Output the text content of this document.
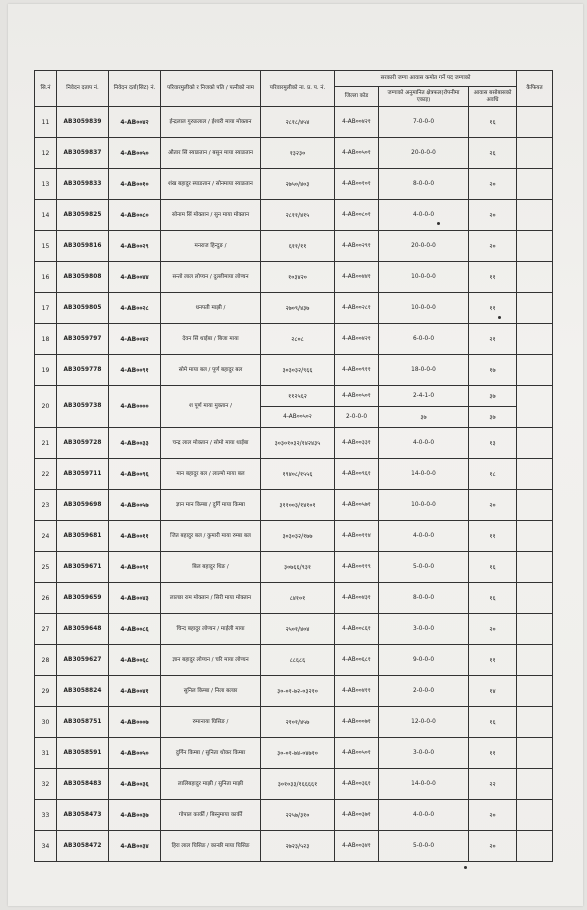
सि.नं	निवेदन दताप नं.	निवेदन दर्ता(सिट) नं.	परिवारमुलीको र निजको पति / पत्नीको नाम	परिवारमुलीको ना. प्र. प. नं.	सरकारी जग्गा आवास कमोत गर्ने पद जग्गाको			कैफियत
					जिल्ला कोड	जग्गाको अनुमानित क्षेत्रफल(रोपनीमा एकाइ)	आवास बसोबासको अवधि	
11	AB3059839	4-AB००४२	ईन्द्रलाल गुरुङलाल / ईश्वरी माया मोक्तान	२८१८/४५४	4-AB००४२१	7-0-0-0	१६	
12	AB3059837	4-AB००५०	औतार सिं स्याङतान / बसुन माया स्याङतान	१३२३०	4-AB००५०१	20-0-0-0	२६	
13	AB3059833	4-AB००१०	शंख बहादुर स्याङतान / सोनमाया स्याङतान	२७५०/४०३	4-AB००१०१	8-0-0-0	२०	
14	AB3059825	4-AB००८०	सोनाम सिं मोक्तान / सुन माया मोक्तान	२८११/४१५	4-AB००८०१	4-0-0-0	२०	
15	AB3059816	4-AB००२९	मनराज हिन्दुङ /	६११/११	4-AB००२९१	20-0-0-0	२०	
16	AB3059808	4-AB००४४	सन्तो लाल लोप्चन / दुल्लीमाया लोप्चन	१०३४२०	4-AB००४४१	10-0-0-0	११	
17	AB3059805	4-AB००२८	धनपती माझी /	२७०९/४३७	4-AB००२८१	10-0-0-0	११	
18	AB3059797	4-AB००४२	देवन सिं थाईबा / बिजा माया	२८०८	4-AB००४२१	6-0-0-0	२१	
19	AB3059778	4-AB००९१	सोमे माया बल / पूर्ण बहादुर बल	३०३०३२/९६६	4-AB००९११	18-0-0-0	१७	
20	AB3059738	4-AB००००	श पूर्ण माया मुक्तान /	११२५६२	4-AB००५०१	2-4-1-0	३७	
				4-AB००५०२	2-0-0-0	३७	३७	
21	AB3059728	4-AB००३३	चन्द्र लाल मोक्तान / सोमो माया थाईबा	३०३०१०३२/१४२४३५	4-AB००३३१	4-0-0-0	१३	
22	AB3059711	4-AB००९६	मान बहादुर बल / लाल्मो माया बल	१९४०८/१५५६	4-AB००९६१	14-0-0-0	१८	
23	AB3059698	4-AB००५७	ज्ञान मान किम्बा / दुर्गि माया किम्बा	३११००३/१४१०१	4-AB००५७१	10-0-0-0	२०	
24	AB3059681	4-AB००११	जित बहादुर बल / कुमारी माया रुम्बा बल	३०३०३२/१७७	4-AB००११४	4-0-0-0	११	
25	AB3059671	4-AB००९१	बिल बहादुर थिङ /	३०७६६/९३१	4-AB००११९	5-0-0-0	१६	
26	AB3059659	4-AB००४३	लाल्छा राम मोक्तान / सिरी माया मोक्तान	८४१०१	4-AB००४३१	8-0-0-0	१६	
27	AB3059648	4-AB००८६	चिन्द बहादुर लोप्चन / माईली माया	२५०१/४०४	4-AB००८६१	3-0-0-0	२०	
28	AB3059627	4-AB००६८	ज्ञान बहादुर लोप्चन / चरि माया लोप्चन	८८६८६	4-AB००६८१	9-0-0-0	११	
29	AB3058824	4-AB००४१	सुनिल किम्बा / निला बल्छा	३०-०१-७२-०३२१०	4-AB००४११	2-0-0-0	१४	
30	AB3058751	4-AB०००७	रुमानाया घिसिङ /	२१०१/४५७	4-AB०००७१	12-0-0-0	१६	
31	AB3058591	4-AB००५०	दुर्गिन किम्बा / सुनिता थोकर किम्बा	३०-०१-७४-०४७१०	4-AB००५०१	3-0-0-0	११	
32	AB3058483	4-AB००३६	लालिबहादुर माझी / सुनिता माझी	३०१०३३/१६६६६१	4-AB००३६१	14-0-0-0	२२	
33	AB3058473	4-AB००३७	गोपाल कार्की / बिस्नुमाया कार्की	२२५७/३१०	4-AB००३७१	4-0-0-0	२०	
34	AB3058472	4-AB००३४	हिरा लाल घिसिङ / कान्छी माया घिसिङ	२७२३/५२३	4-AB००३४१	5-0-0-0	२०	
